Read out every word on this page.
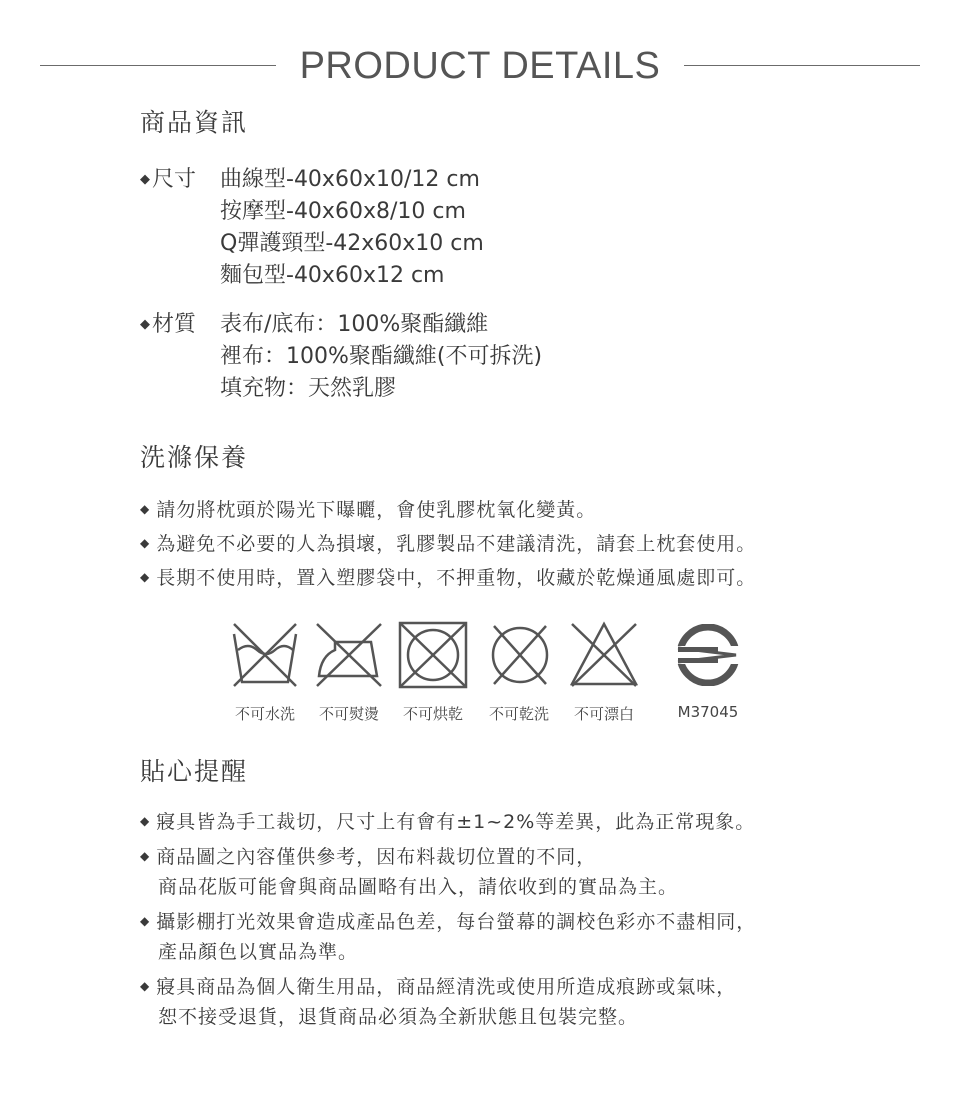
PRODUCT DETAILS
商品資訊
◆尺寸	曲線型-40x60x10/12 cm
按摩型-40x60x8/10 cm
Q彈護頸型-42x60x10 cm
麵包型-40x60x12 cm
◆材質	表布/底布：100%聚酯纖維
裡布：100%聚酯纖維(不可拆洗)
填充物：天然乳膠
洗滌保養
◆ 請勿將枕頭於陽光下曝曬，會使乳膠枕氧化變黃。
◆ 為避免不必要的人為損壞，乳膠製品不建議清洗，請套上枕套使用。
◆ 長期不使用時，置入塑膠袋中，不押重物，收藏於乾燥通風處即可。
不可水洗	不可熨燙	不可烘乾	不可乾洗	不可漂白	M37045
貼心提醒
◆ 寢具皆為手工裁切，尺寸上有會有±1~2%等差異，此為正常現象。
◆ 商品圖之內容僅供參考，因布料裁切位置的不同，
商品花版可能會與商品圖略有出入，請依收到的實品為主。
◆ 攝影棚打光效果會造成產品色差，每台螢幕的調校色彩亦不盡相同，
產品顏色以實品為準。
◆ 寢具商品為個人衛生用品，商品經清洗或使用所造成痕跡或氣味，
恕不接受退貨，退貨商品必須為全新狀態且包裝完整。
